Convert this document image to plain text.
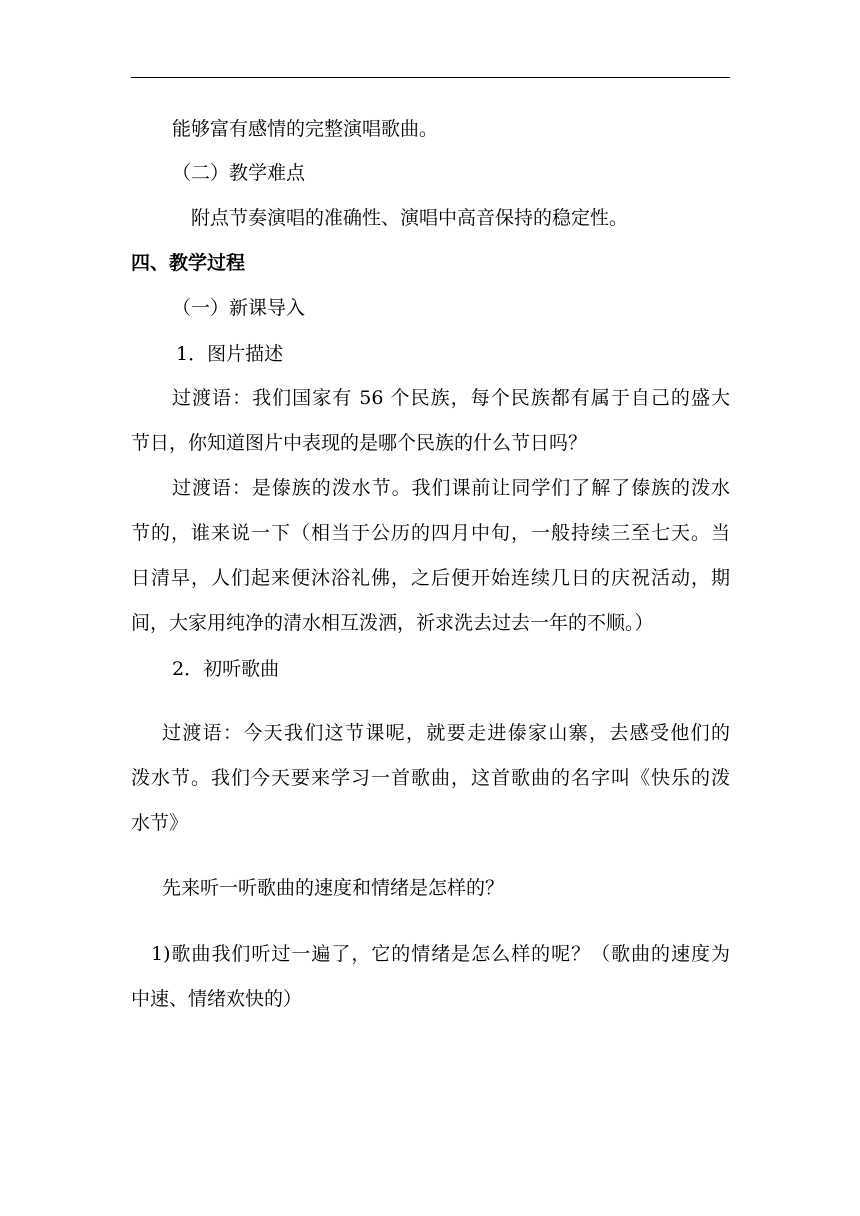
能够富有感情的完整演唱歌曲。
（二）教学难点
附点节奏演唱的准确性、演唱中高音保持的稳定性。
四、教学过程
（一）新课导入
1．图片描述
过渡语：我们国家有 56 个民族，每个民族都有属于自己的盛大
节日，你知道图片中表现的是哪个民族的什么节日吗？
过渡语：是傣族的泼水节。我们课前让同学们了解了傣族的泼水
节的，谁来说一下（相当于公历的四月中旬，一般持续三至七天。当
日清早，人们起来便沐浴礼佛，之后便开始连续几日的庆祝活动，期
间，大家用纯净的清水相互泼洒，祈求洗去过去一年的不顺。）
2．初听歌曲
过渡语：今天我们这节课呢，就要走进傣家山寨，去感受他们的
泼水节。我们今天要来学习一首歌曲，这首歌曲的名字叫《快乐的泼
水节》
先来听一听歌曲的速度和情绪是怎样的？
1)歌曲我们听过一遍了，它的情绪是怎么样的呢？（歌曲的速度为
中速、情绪欢快的）
